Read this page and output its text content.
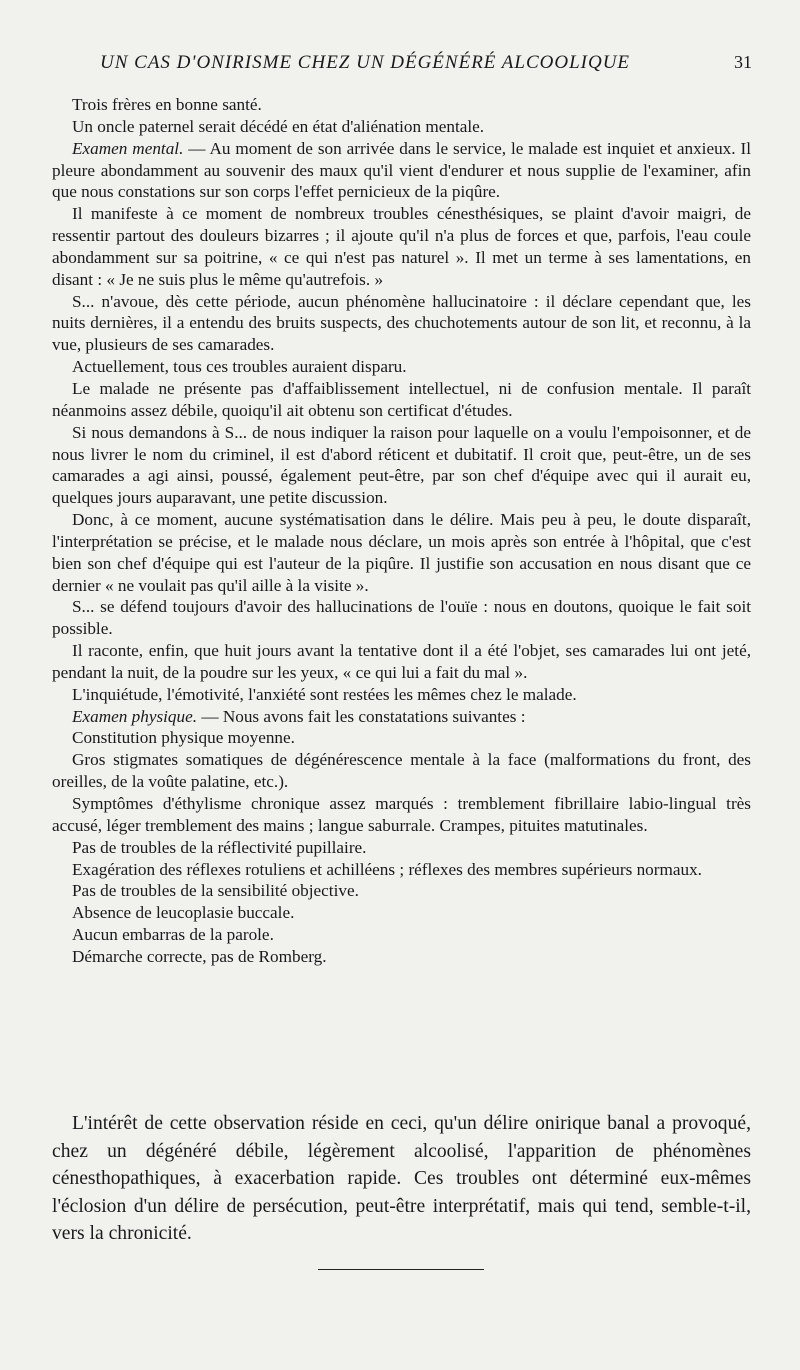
UN CAS D'ONIRISME CHEZ UN DÉGÉNÉRÉ ALCOOLIQUE	31

Trois frères en bonne santé.

Un oncle paternel serait décédé en état d'aliénation mentale.

Examen mental. — Au moment de son arrivée dans le service, le malade est inquiet et anxieux. Il pleure abondamment au souvenir des maux qu'il vient d'endurer et nous supplie de l'examiner, afin que nous constations sur son corps l'effet pernicieux de la piqûre.

Il manifeste à ce moment de nombreux troubles cénesthésiques, se plaint d'avoir maigri, de ressentir partout des douleurs bizarres ; il ajoute qu'il n'a plus de forces et que, parfois, l'eau coule abondamment sur sa poitrine, « ce qui n'est pas naturel ». Il met un terme à ses lamentations, en disant : « Je ne suis plus le même qu'autrefois. »

S... n'avoue, dès cette période, aucun phénomène hallucinatoire : il déclare cependant que, les nuits dernières, il a entendu des bruits suspects, des chuchotements autour de son lit, et reconnu, à la vue, plusieurs de ses camarades.

Actuellement, tous ces troubles auraient disparu.

Le malade ne présente pas d'affaiblissement intellectuel, ni de confusion mentale. Il paraît néanmoins assez débile, quoiqu'il ait obtenu son certificat d'études.

Si nous demandons à S... de nous indiquer la raison pour laquelle on a voulu l'empoisonner, et de nous livrer le nom du criminel, il est d'abord réticent et dubitatif. Il croit que, peut-être, un de ses camarades a agi ainsi, poussé, également peut-être, par son chef d'équipe avec qui il aurait eu, quelques jours auparavant, une petite discussion.

Donc, à ce moment, aucune systématisation dans le délire. Mais peu à peu, le doute disparaît, l'interprétation se précise, et le malade nous déclare, un mois après son entrée à l'hôpital, que c'est bien son chef d'équipe qui est l'auteur de la piqûre. Il justifie son accusation en nous disant que ce dernier « ne voulait pas qu'il aille à la visite ».

S... se défend toujours d'avoir des hallucinations de l'ouïe : nous en doutons, quoique le fait soit possible.

Il raconte, enfin, que huit jours avant la tentative dont il a été l'objet, ses camarades lui ont jeté, pendant la nuit, de la poudre sur les yeux, « ce qui lui a fait du mal ».

L'inquiétude, l'émotivité, l'anxiété sont restées les mêmes chez le malade.

Examen physique. — Nous avons fait les constatations suivantes :

Constitution physique moyenne.

Gros stigmates somatiques de dégénérescence mentale à la face (malformations du front, des oreilles, de la voûte palatine, etc.).

Symptômes d'éthylisme chronique assez marqués : tremblement fibrillaire labio-lingual très accusé, léger tremblement des mains ; langue saburrale. Crampes, pituites matutinales.

Pas de troubles de la réflectivité pupillaire.

Exagération des réflexes rotuliens et achilléens ; réflexes des membres supérieurs normaux.

Pas de troubles de la sensibilité objective.

Absence de leucoplasie buccale.

Aucun embarras de la parole.

Démarche correcte, pas de Romberg.

L'intérêt de cette observation réside en ceci, qu'un délire onirique banal a provoqué, chez un dégénéré débile, légèrement alcoolisé, l'apparition de phénomènes cénesthopathiques, à exacerbation rapide. Ces troubles ont déterminé eux-mêmes l'éclosion d'un délire de persécution, peut-être interprétatif, mais qui tend, semble-t-il, vers la chronicité.
